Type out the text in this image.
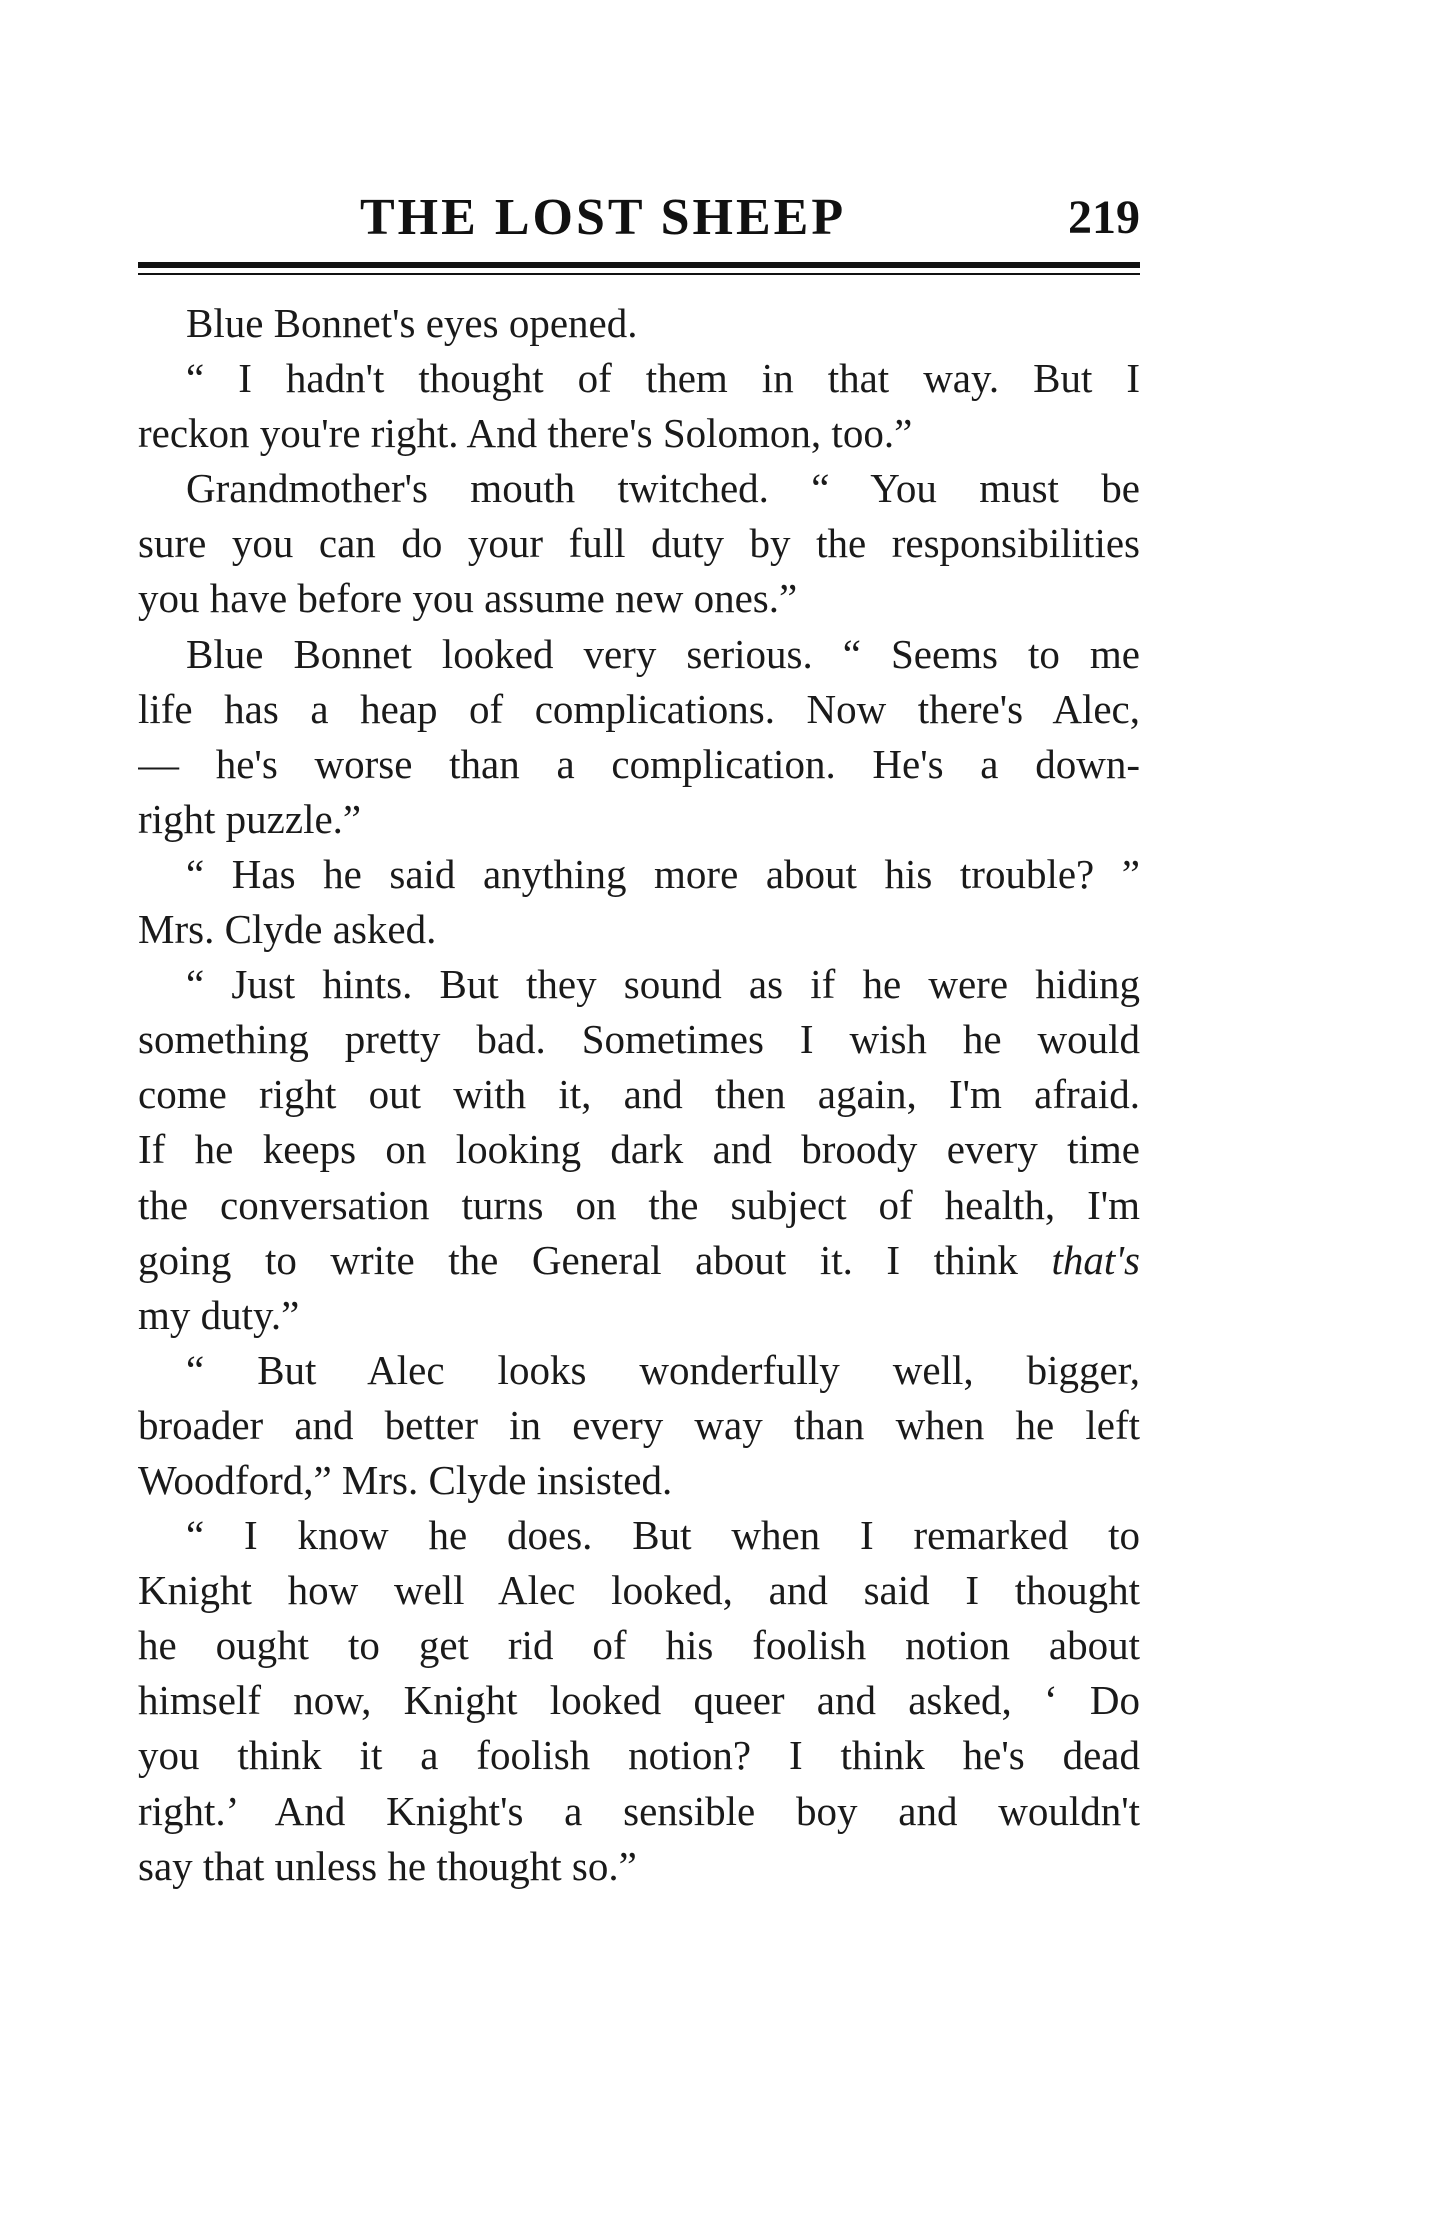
THE LOST SHEEP	219
Blue Bonnet's eyes opened.
“ I hadn't thought of them in that way. But I
reckon you're right. And there's Solomon, too.”
Grandmother's mouth twitched. “ You must be
sure you can do your full duty by the responsibilities
you have before you assume new ones.”
Blue Bonnet looked very serious. “ Seems to me
life has a heap of complications. Now there's Alec,
— he's worse than a complication. He's a down-
right puzzle.”
“ Has he said anything more about his trouble? ”
Mrs. Clyde asked.
“ Just hints. But they sound as if he were hiding
something pretty bad. Sometimes I wish he would
come right out with it, and then again, I'm afraid.
If he keeps on looking dark and broody every time
the conversation turns on the subject of health, I'm
going to write the General about it. I think that's
my duty.”
“ But Alec looks wonderfully well, bigger,
broader and better in every way than when he left
Woodford,” Mrs. Clyde insisted.
“ I know he does. But when I remarked to
Knight how well Alec looked, and said I thought
he ought to get rid of his foolish notion about
himself now, Knight looked queer and asked, ‘ Do
you think it a foolish notion? I think he's dead
right.’ And Knight's a sensible boy and wouldn't
say that unless he thought so.”
